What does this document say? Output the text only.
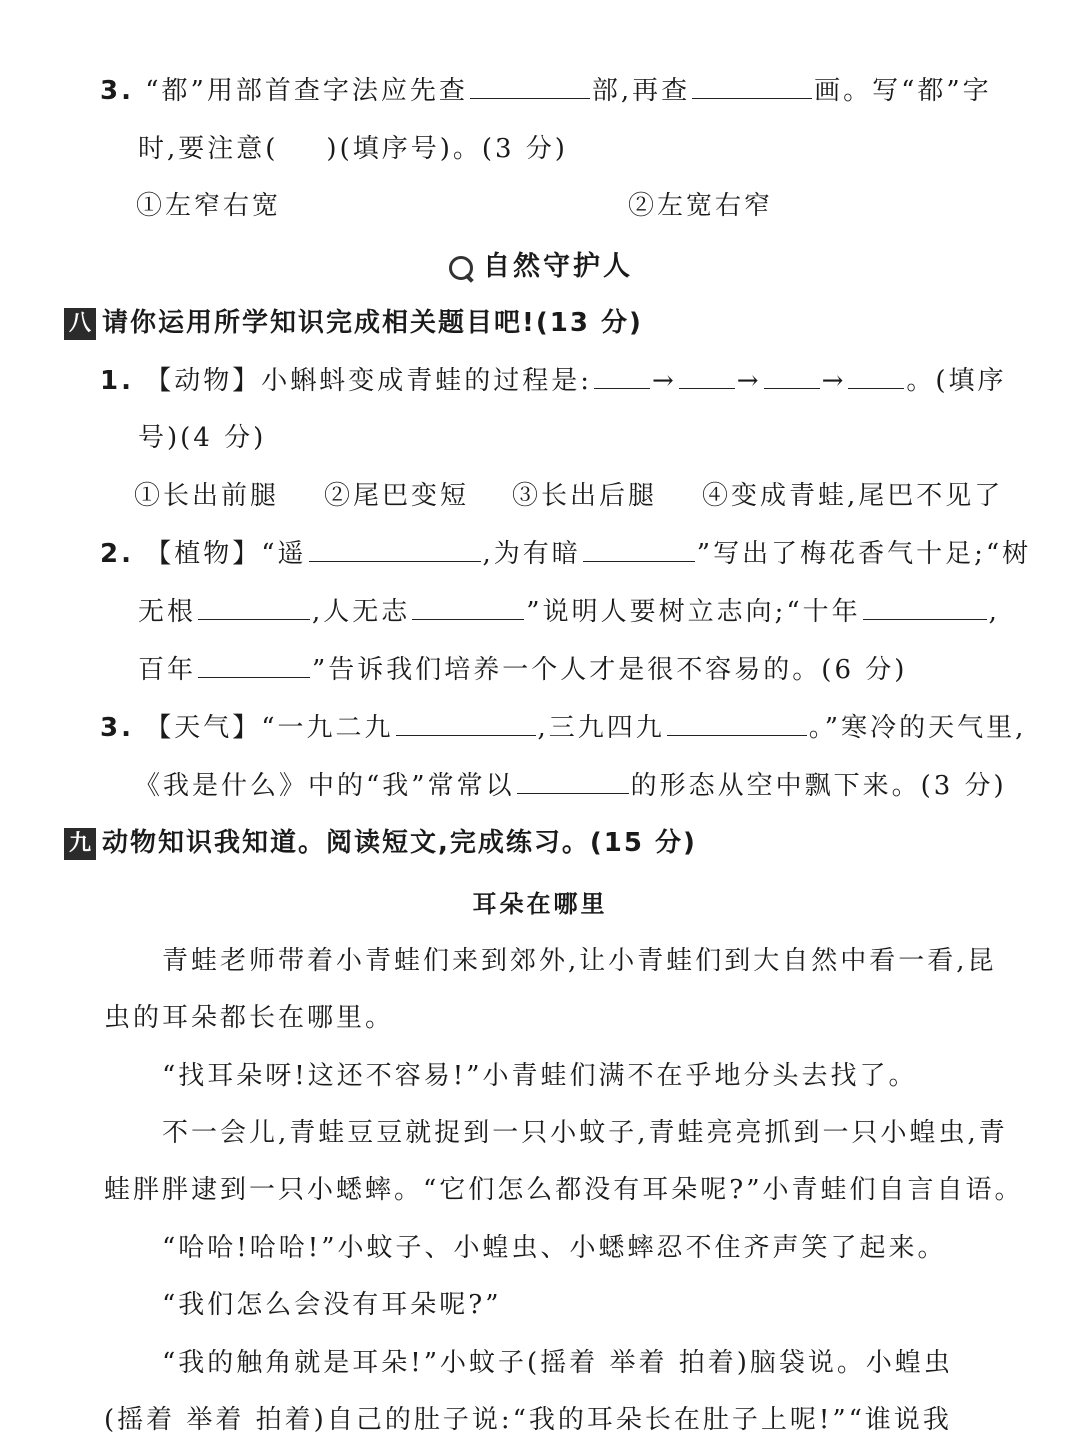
3. “都”用部首查字法应先查	部,再查	画。写“都”字
时,要注意( )(填序号)。(3 分)
①左窄右宽	②左宽右窄
自然守护人
八 请你运用所学知识完成相关题目吧!(13 分)
1. 【动物】小蝌蚪变成青蛙的过程是: → → → 。(填序
号)(4 分)
①长出前腿 ②尾巴变短 ③长出后腿 ④变成青蛙,尾巴不见了
2. 【植物】“遥	,为有暗	”写出了梅花香气十足;“树
无根	,人无志	”说明人要树立志向;“十年	,
百年	”告诉我们培养一个人才是很不容易的。(6 分)
3. 【天气】“一九二九	,三九四九	。”寒冷的天气里,
《我是什么》中的“我”常常以	的形态从空中飘下来。(3 分)
九 动物知识我知道。阅读短文,完成练习。(15 分)
耳朵在哪里
青蛙老师带着小青蛙们来到郊外,让小青蛙们到大自然中看一看,昆
虫的耳朵都长在哪里。
“找耳朵呀!这还不容易!”小青蛙们满不在乎地分头去找了。
不一会儿,青蛙豆豆就捉到一只小蚊子,青蛙亮亮抓到一只小蝗虫,青
蛙胖胖逮到一只小蟋蟀。“它们怎么都没有耳朵呢?”小青蛙们自言自语。
“哈哈!哈哈!”小蚊子、小蝗虫、小蟋蟀忍不住齐声笑了起来。
“我们怎么会没有耳朵呢?”
“我的触角就是耳朵!”小蚊子(摇着 举着 拍着)脑袋说。小蝗虫
(摇着 举着 拍着)自己的肚子说:“我的耳朵长在肚子上呢!”“谁说我
